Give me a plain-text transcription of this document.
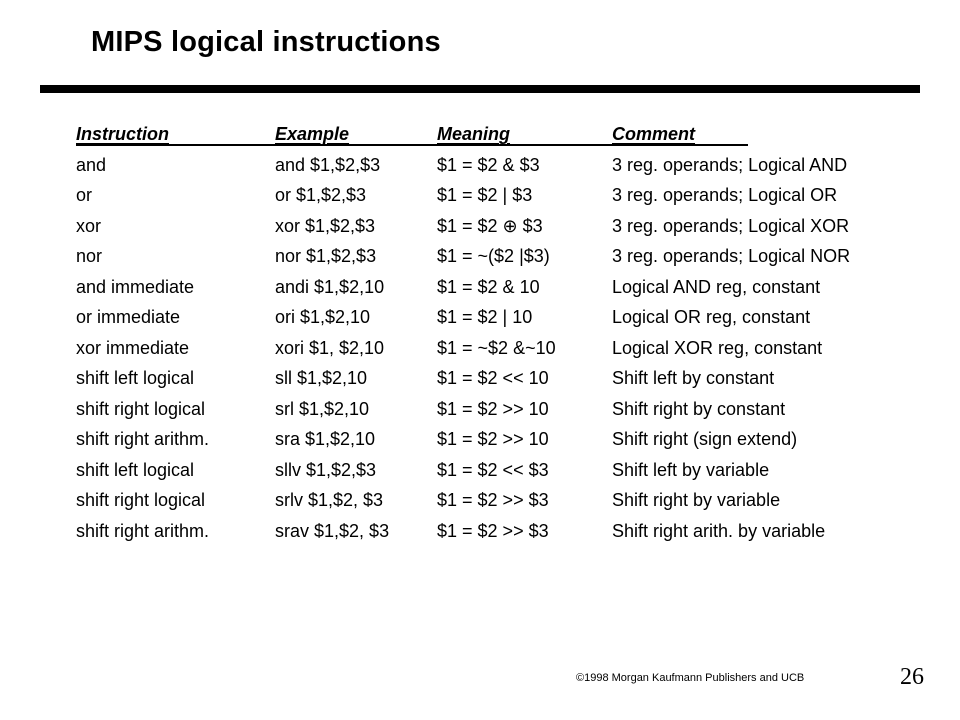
MIPS logical instructions
Instruction	Example	Meaning	Comment
and	and $1,$2,$3	$1 = $2 & $3	3 reg. operands; Logical AND
or	or $1,$2,$3	$1 = $2 | $3	3 reg. operands; Logical OR
xor	xor $1,$2,$3	$1 = $2 ⊕ $3	3 reg. operands; Logical XOR
nor	nor $1,$2,$3	$1 = ~($2 |$3)	3 reg. operands; Logical NOR
and immediate	andi $1,$2,10	$1 = $2 & 10	Logical AND reg, constant
or immediate	ori $1,$2,10	$1 = $2 | 10	Logical OR reg, constant
xor immediate	xori $1, $2,10	$1 = ~$2 &~10	Logical XOR reg, constant
shift left logical	sll $1,$2,10	$1 = $2 << 10	Shift left by constant
shift right logical	srl $1,$2,10	$1 = $2 >> 10	Shift right by constant
shift right arithm.	sra $1,$2,10	$1 = $2 >> 10	Shift right (sign extend)
shift left logical	sllv $1,$2,$3	$1 = $2 << $3	Shift left by variable
shift right logical	srlv $1,$2, $3	$1 = $2 >> $3	Shift right by variable
shift right arithm.	srav $1,$2, $3	$1 = $2 >> $3	Shift right arith. by variable
©1998 Morgan Kaufmann Publishers and UCB	26
